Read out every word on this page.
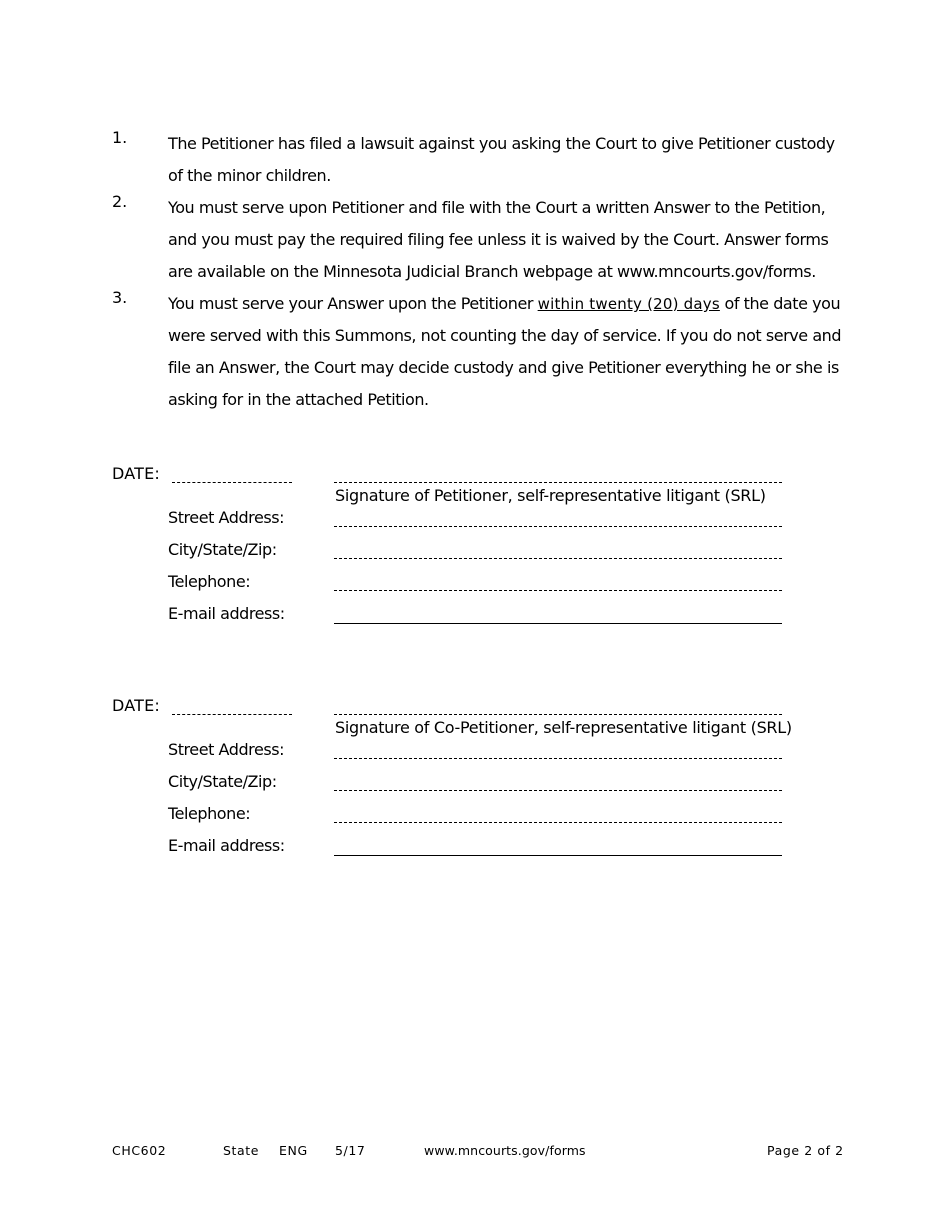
1.	The Petitioner has filed a lawsuit against you asking the Court to give Petitioner custody of the minor children.
2.	You must serve upon Petitioner and file with the Court a written Answer to the Petition, and you must pay the required filing fee unless it is waived by the Court. Answer forms are available on the Minnesota Judicial Branch webpage at www.mncourts.gov/forms.
3.	You must serve your Answer upon the Petitioner within twenty (20) days of the date you were served with this Summons, not counting the day of service. If you do not serve and file an Answer, the Court may decide custody and give Petitioner everything he or she is asking for in the attached Petition.
DATE:
Signature of Petitioner, self-representative litigant (SRL)
Street Address:
City/State/Zip:
Telephone:
E-mail address:
DATE:
Signature of Co-Petitioner, self-representative litigant (SRL)
Street Address:
City/State/Zip:
Telephone:
E-mail address:
CHC602	State ENG 5/17	www.mncourts.gov/forms	Page 2 of 2
